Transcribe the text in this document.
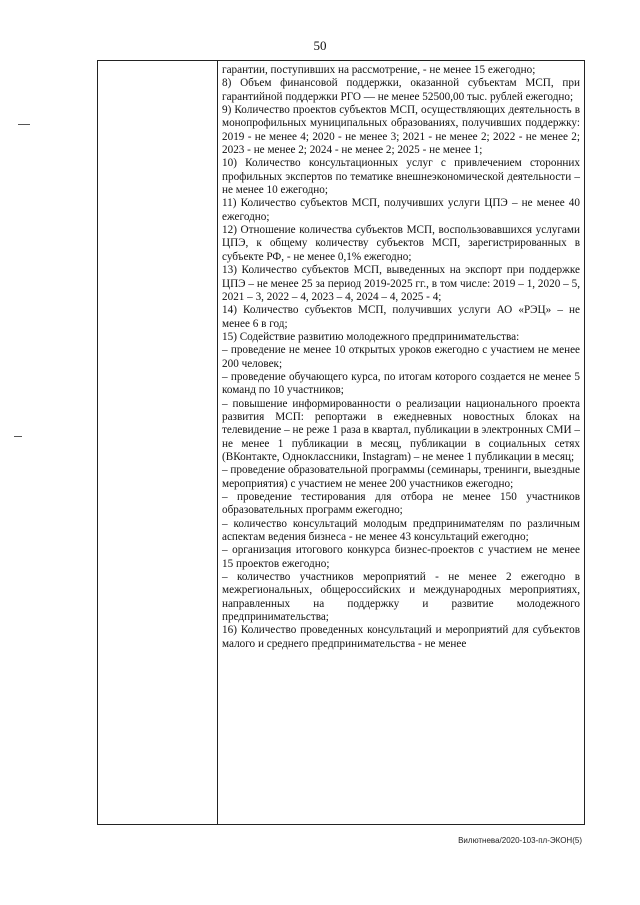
50

гарантии, поступивших на рассмотрение, - не менее 15 ежегодно;

8) Объем финансовой поддержки, оказанной субъектам МСП, при гарантийной поддержки РГО — не менее 52500,00 тыс. рублей ежегодно;

9) Количество проектов субъектов МСП, осуществляющих деятельность в монопрофильных муниципальных образованиях, получивших поддержку: 2019 - не менее 4; 2020 - не менее 3; 2021 - не менее 2; 2022 - не менее 2; 2023 - не менее 2; 2024 - не менее 2; 2025 - не менее 1;

10) Количество консультационных услуг с привлечением сторонних профильных экспертов по тематике внешнеэкономической деятельности – не менее 10 ежегодно;

11) Количество субъектов МСП, получивших услуги ЦПЭ – не менее 40 ежегодно;

12) Отношение количества субъектов МСП, воспользовавшихся услугами ЦПЭ, к общему количеству субъектов МСП, зарегистрированных в субъекте РФ, - не менее 0,1% ежегодно;

13) Количество субъектов МСП, выведенных на экспорт при поддержке ЦПЭ – не менее 25 за период 2019-2025 гг., в том числе: 2019 – 1, 2020 – 5, 2021 – 3, 2022 – 4, 2023 – 4, 2024 – 4, 2025 - 4;

14) Количество субъектов МСП, получивших услуги АО «РЭЦ» – не менее 6 в год;

15) Содействие развитию молодежного предпринимательства:

– проведение не менее 10 открытых уроков ежегодно с участием не менее 200 человек;

– проведение обучающего курса, по итогам которого создается не менее 5 команд по 10 участников;

– повышение информированности о реализации национального проекта развития МСП: репортажи в ежедневных новостных блоках на телевидение – не реже 1 раза в квартал, публикации в электронных СМИ – не менее 1 публикации в месяц, публикации в социальных сетях (ВКонтакте, Одноклассники, Instagram) – не менее 1 публикации в месяц;

– проведение образовательной программы (семинары, тренинги, выездные мероприятия) с участием не менее 200 участников ежегодно;

– проведение тестирования для отбора не менее 150 участников образовательных программ ежегодно;

– количество консультаций молодым предпринимателям по различным аспектам ведения бизнеса - не менее 43 консультаций ежегодно;

– организация итогового конкурса бизнес-проектов с участием не менее 15 проектов ежегодно;

– количество участников мероприятий - не менее 2 ежегодно в межрегиональных, общероссийских и международных мероприятиях, направленных на поддержку и развитие молодежного предпринимательства;

16) Количество проведенных консультаций и мероприятий для субъектов малого и среднего предпринимательства - не менее

Вилютнева/2020-103-пл-ЭКОН(5)
